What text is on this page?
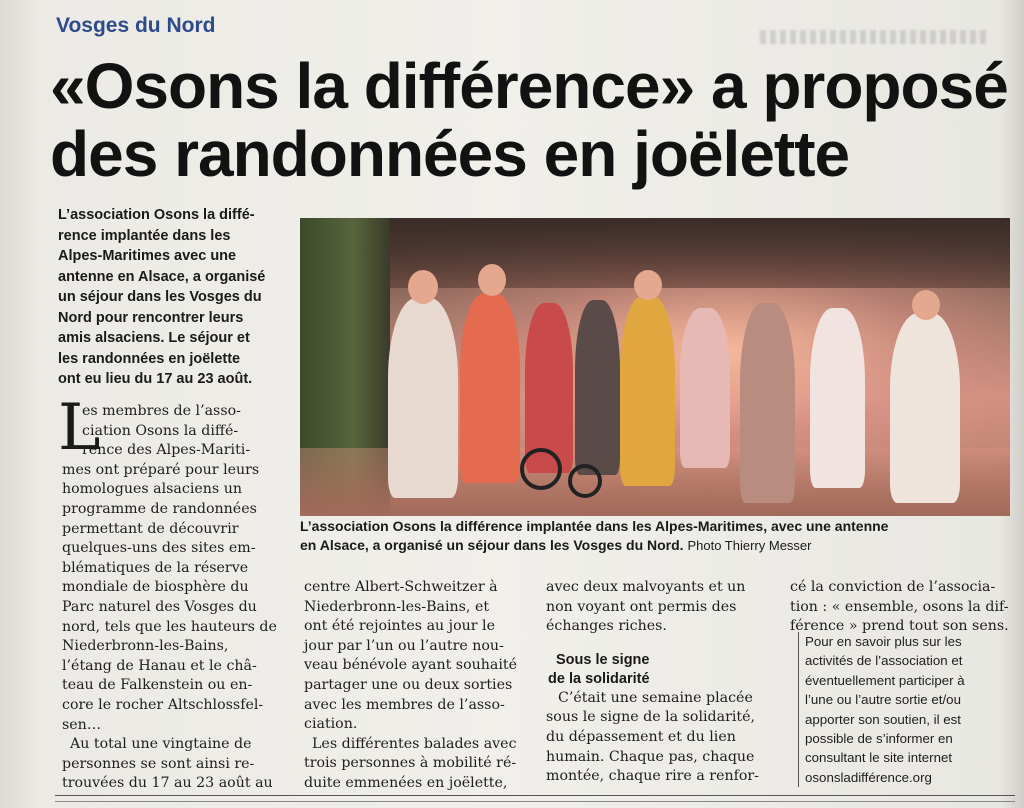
Vosges du Nord
«Osons la différence» a proposé
des randonnées en joëlette
L’association Osons la diffé-
rence implantée dans les
Alpes-Maritimes avec une
antenne en Alsace, a organisé
un séjour dans les Vosges du
Nord pour rencontrer leurs
amis alsaciens. Le séjour et
les randonnées en joëlette
ont eu lieu du 17 au 23 août.
L’association Osons la différence implantée dans les Alpes-Maritimes, avec une antenne
en Alsace, a organisé un séjour dans les Vosges du Nord. Photo Thierry Messer
L
es membres de l’asso-
ciation Osons la diffé-
rence des Alpes-Mariti-
mes ont préparé pour leurs
homologues alsaciens un
programme de randonnées
permettant de découvrir
quelques-uns des sites em-
blématiques de la réserve
mondiale de biosphère du
Parc naturel des Vosges du
nord, tels que les hauteurs de
Niederbronn-les-Bains,
l’étang de Hanau et le châ-
teau de Falkenstein ou en-
core le rocher Altschlossfel-
sen…
Au total une vingtaine de
personnes se sont ainsi re-
trouvées du 17 au 23 août au
centre Albert-Schweitzer à
Niederbronn-les-Bains, et
ont été rejointes au jour le
jour par l’un ou l’autre nou-
veau bénévole ayant souhaité
partager une ou deux sorties
avec les membres de l’asso-
ciation.
Les différentes balades avec
trois personnes à mobilité ré-
duite emmenées en joëlette,
avec deux malvoyants et un
non voyant ont permis des
échanges riches.
Sous le signe
de la solidarité
C’était une semaine placée
sous le signe de la solidarité,
du dépassement et du lien
humain. Chaque pas, chaque
montée, chaque rire a renfor-
cé la conviction de l’associa-
tion : « ensemble, osons la dif-
férence » prend tout son sens.
Pour en savoir plus sur les
activités de l’association et
éventuellement participer à
l’une ou l’autre sortie et/ou
apporter son soutien, il est
possible de s’informer en
consultant le site internet
osonsladifférence.org
